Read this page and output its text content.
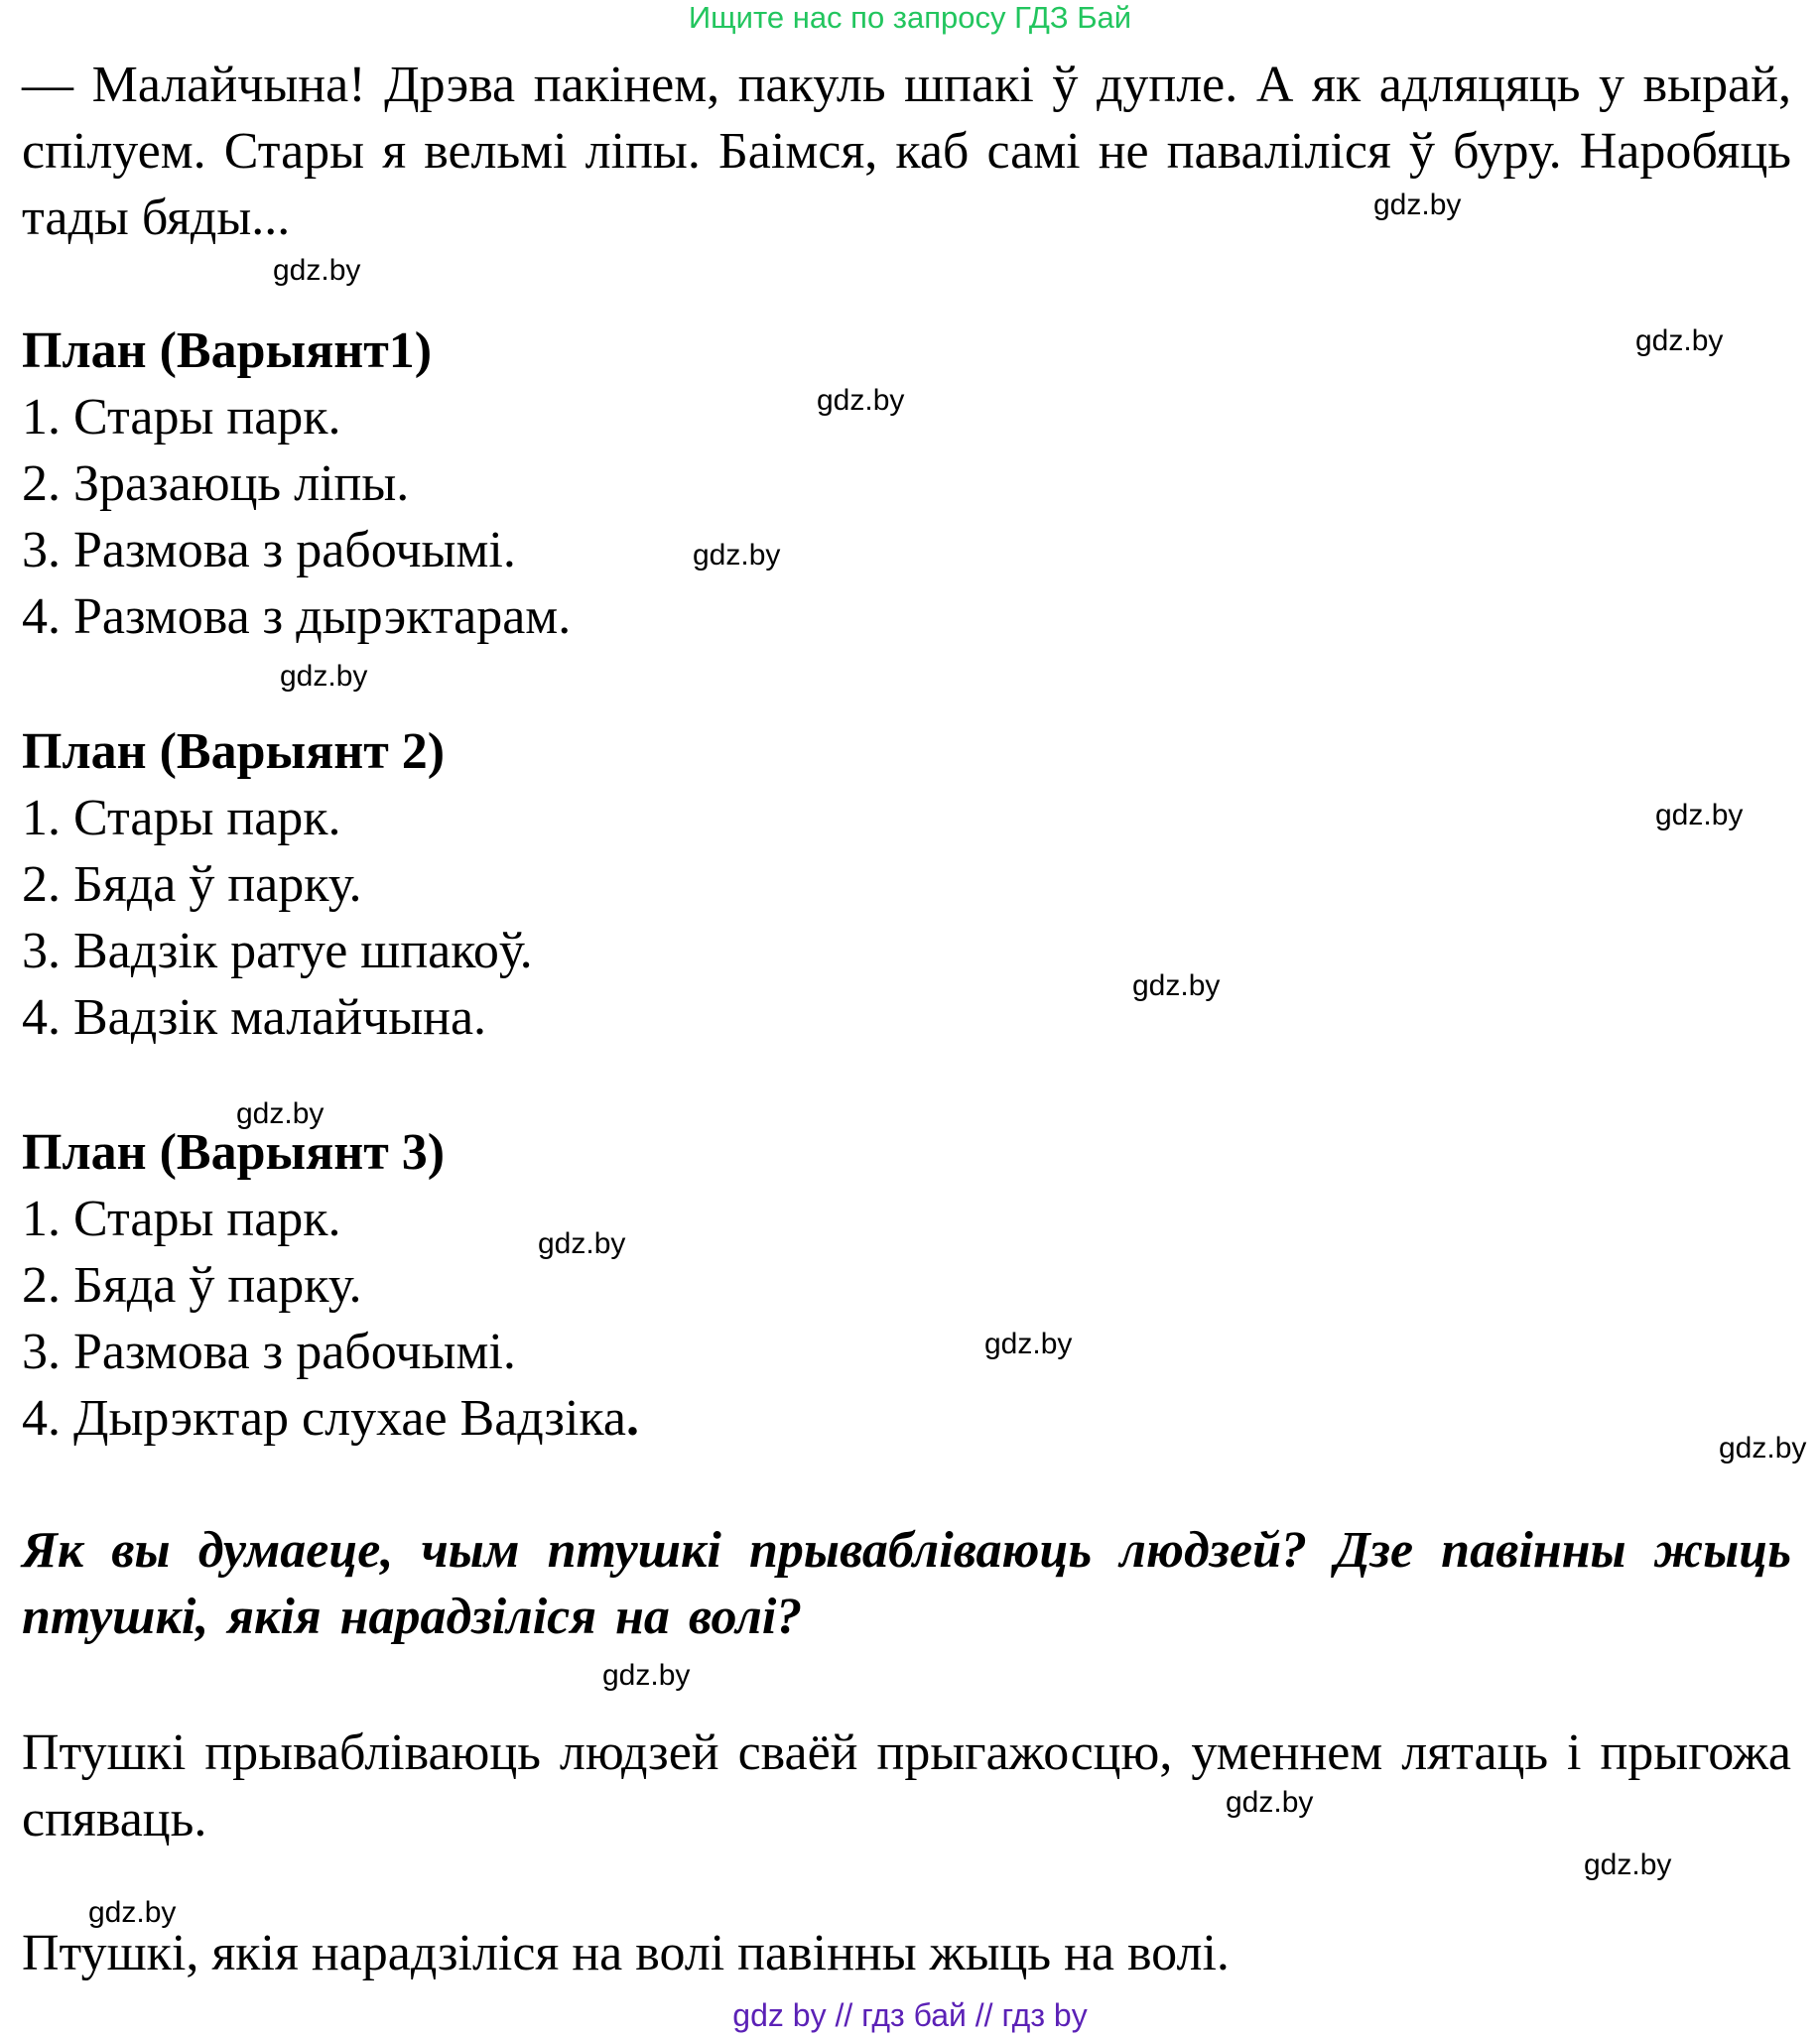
Ищите нас по запросу ГДЗ Бай

— Малайчына! Дрэва пакінем, пакуль шпакі ў дупле. А як адляцяць у вырай, спілуем. Стары я вельмі ліпы. Баімся, каб самі не паваліліся ў буру. Наробяць тады бяды...

План (Варыянт1)

1. Стары парк.

2. Зразаюць ліпы.

3. Размова з рабочымі.

4. Размова з дырэктарам.

План (Варыянт 2)

1. Стары парк.

2. Бяда ў парку.

3. Вадзік ратуе шпакоў.

4. Вадзік малайчына.

План (Варыянт 3)

1. Стары парк.

2. Бяда ў парку.

3. Размова з рабочымі.

4. Дырэктар слухае Вадзіка.

Як вы думаеце, чым птушкі прываблiваюць людзей? Дзе павінны жыць птушкі, якія нарадзіліся на волі?

Птушкі прываблiваюць людзей сваёй прыгажосцю, уменнем лятаць і прыгожа спяваць.

Птушкі, якія нарадзіліся на волі павінны жыць на волі.

gdz.by
gdz.by
gdz.by
gdz.by
gdz.by
gdz.by
gdz.by
gdz.by
gdz.by
gdz.by
gdz.by
gdz.by
gdz.by
gdz.by
gdz.by
gdz.by
gdz by // гдз бай // гдз by
